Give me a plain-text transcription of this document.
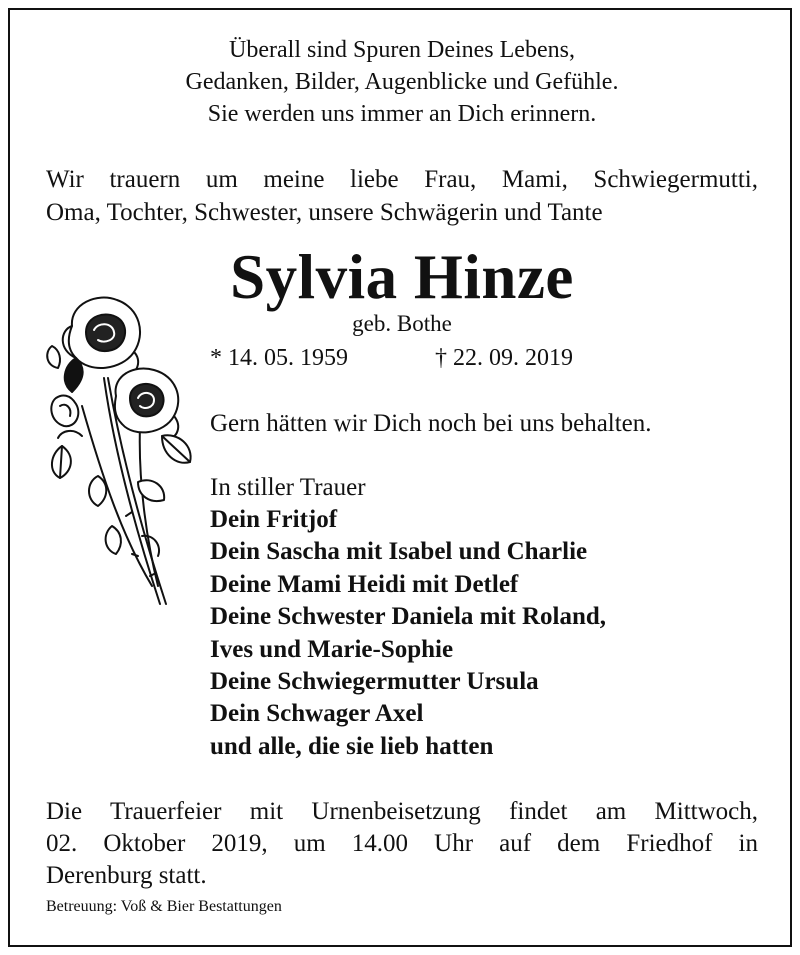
Überall sind Spuren Deines Lebens,
Gedanken, Bilder, Augenblicke und Gefühle.
Sie werden uns immer an Dich erinnern.
Wir trauern um meine liebe Frau, Mami, Schwiegermutti,
Oma, Tochter, Schwester, unsere Schwägerin und Tante
Sylvia Hinze
geb. Bothe
* 14. 05. 1959	† 22. 09. 2019
Gern hätten wir Dich noch bei uns behalten.
In stiller Trauer
Dein Fritjof
Dein Sascha mit Isabel und Charlie
Deine Mami Heidi mit Detlef
Deine Schwester Daniela mit Roland,
Ives und Marie-Sophie
Deine Schwiegermutter Ursula
Dein Schwager Axel
und alle, die sie lieb hatten
Die Trauerfeier mit Urnenbeisetzung findet am Mittwoch,
02. Oktober 2019, um 14.00 Uhr auf dem Friedhof in
Derenburg statt.
Betreuung: Voß & Bier Bestattungen
